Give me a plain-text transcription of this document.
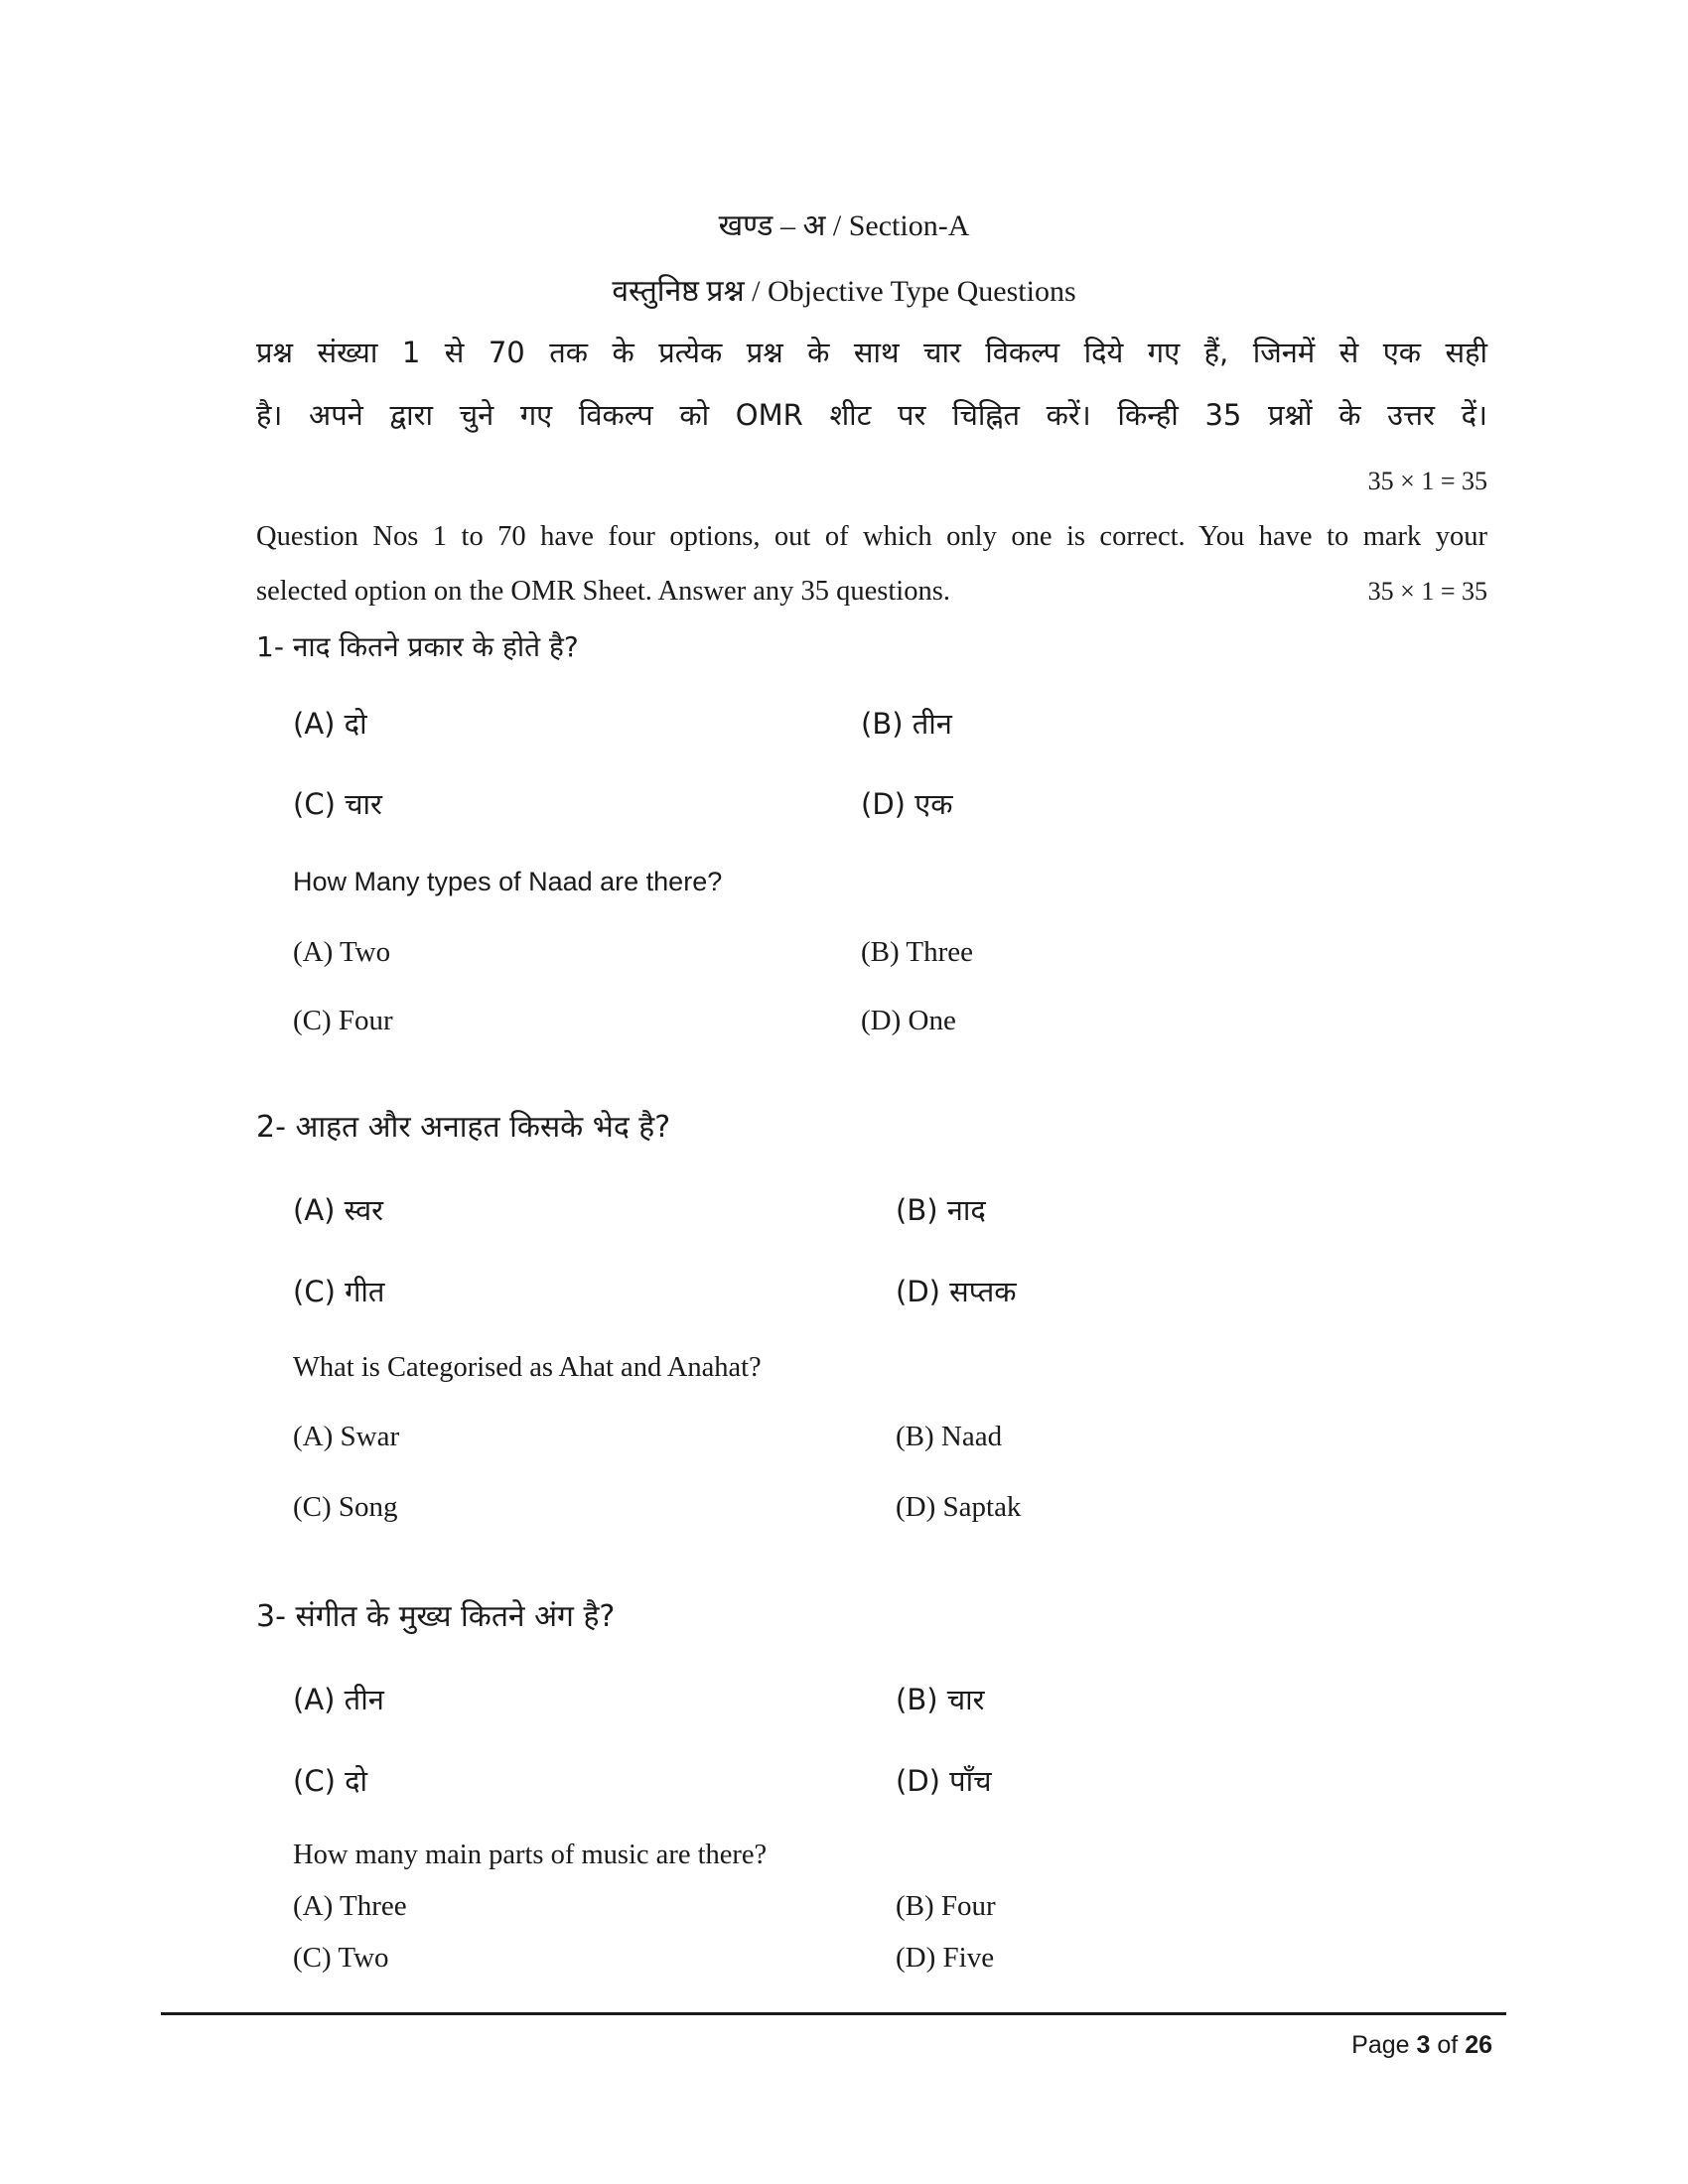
खण्ड – अ / Section-A
वस्तुनिष्ठ प्रश्न / Objective Type Questions
प्रश्न संख्या 1 से 70 तक के प्रत्येक प्रश्न के साथ चार विकल्प दिये गए हैं, जिनमें से एक सही
है। अपने द्वारा चुने गए विकल्प को OMR शीट पर चिह्नित करें। किन्ही 35 प्रश्नों के उत्तर दें।
35 × 1 = 35
Question Nos 1 to 70 have four options, out of which only one is correct. You have to mark your
selected option on the OMR Sheet. Answer any 35 questions.	35 × 1 = 35
1- नाद कितने प्रकार के होते है?
(A) दो	(B) तीन
(C) चार	(D) एक
How Many types of Naad are there?
(A) Two	(B) Three
(C) Four	(D) One
2- आहत और अनाहत किसके भेद है?
(A) स्वर	(B) नाद
(C) गीत	(D) सप्तक
What is Categorised as Ahat and Anahat?
(A) Swar	(B) Naad
(C) Song	(D) Saptak
3- संगीत के मुख्य कितने अंग है?
(A) तीन	(B) चार
(C) दो	(D) पाँच
How many main parts of music are there?
(A) Three	(B) Four
(C) Two	(D) Five
Page 3 of 26
